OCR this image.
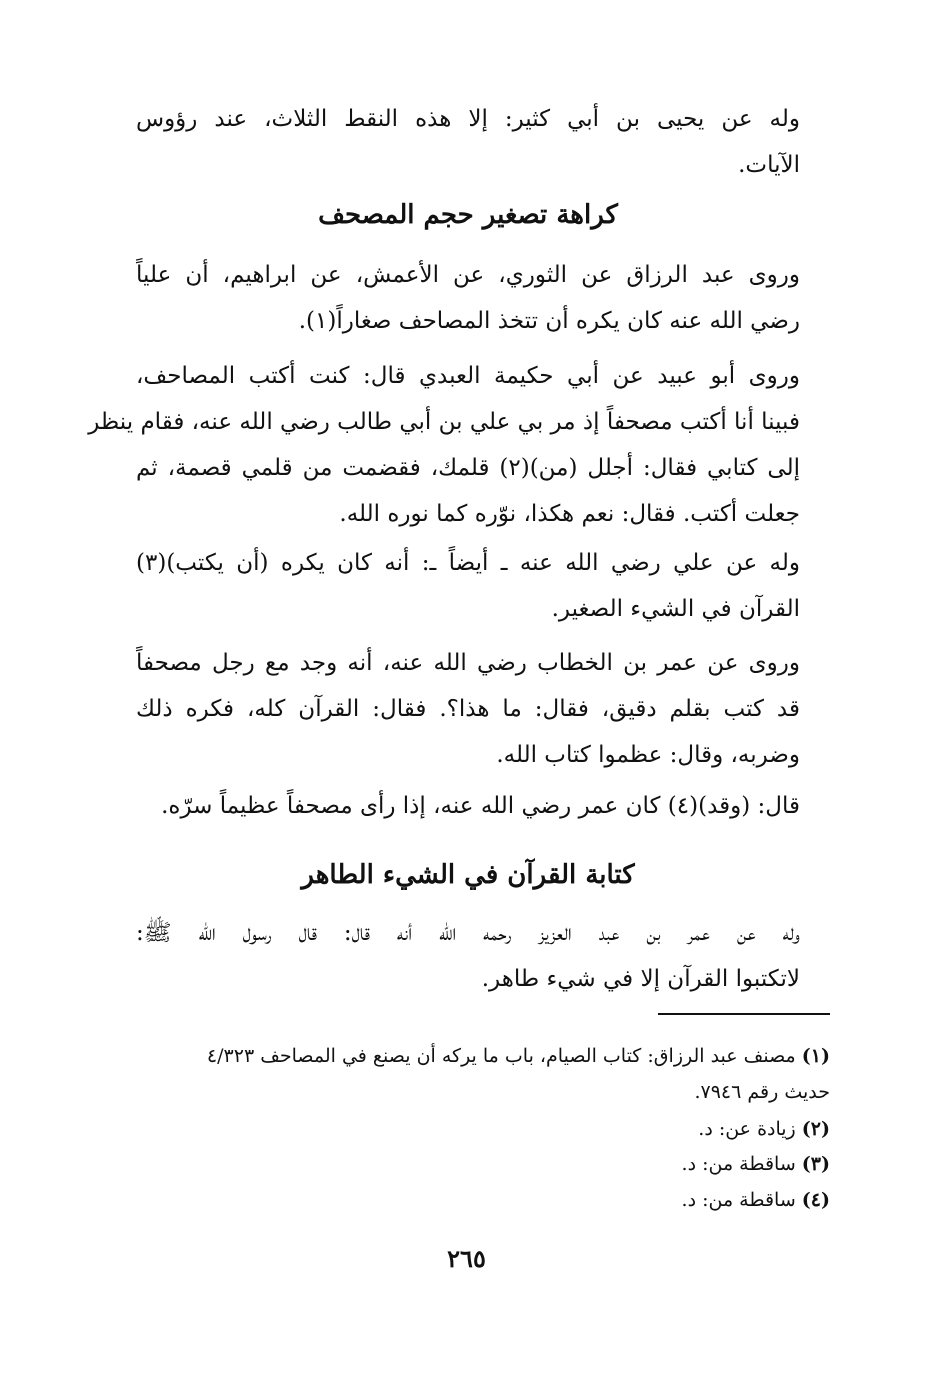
وله عن يحيى بن أبي كثير: إلا هذه النقط الثلاث، عند رؤوس
الآيات.
كراهة تصغير حجم المصحف
وروى عبد الرزاق عن الثوري، عن الأعمش، عن ابراهيم، أن علياً
رضي الله عنه كان يكره أن تتخذ المصاحف صغاراً(١).
وروى أبو عبيد عن أبي حكيمة العبدي قال: كنت أكتب المصاحف،
فبينا أنا أكتب مصحفاً إذ مر بي علي بن أبي طالب رضي الله عنه، فقام ينظر
إلى كتابي فقال: أجلل (من)(٢) قلمك، فقضمت من قلمي قصمة، ثم
جعلت أكتب. فقال: نعم هكذا، نوّره كما نوره الله.
وله عن علي رضي الله عنه ـ أيضاً ـ: أنه كان يكره (أن يكتب)(٣)
القرآن في الشيء الصغير.
وروى عن عمر بن الخطاب رضي الله عنه، أنه وجد مع رجل مصحفاً
قد كتب بقلم دقيق، فقال: ما هذا؟. فقال: القرآن كله، فكره ذلك
وضربه، وقال: عظموا كتاب الله.
قال: (وقد)(٤) كان عمر رضي الله عنه، إذا رأى مصحفاً عظيماً سرّه.
كتابة القرآن في الشيء الطاهر
وله عن عمر بن عبد العزيز رحمه الله أنه قال: قال رسول الله ﷺ:
لاتكتبوا القرآن إلا في شيء طاهر.
(١) مصنف عبد الرزاق: كتاب الصيام، باب ما يركه أن يصنع في المصاحف ٤/٣٢٣
حديث رقم ٧٩٤٦.
(٢) زيادة عن: د.
(٣) ساقطة من: د.
(٤) ساقطة من: د.
٢٦٥
